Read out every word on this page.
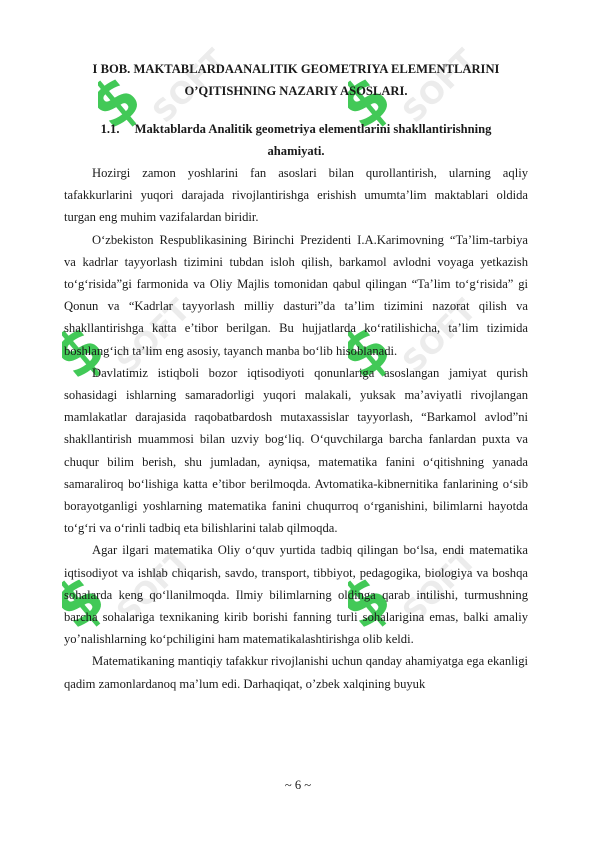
SOFT
$	SOFT
$
SOFT
$	SOFT
$
SOFT
$	SOFT
$

I BOB. MAKTABLARDAANALITIK GEOMETRIYA ELEMENTLARINI

O’QITISHNING NAZARIY ASOSLARI.

1.1. Maktablarda Analitik geometriya elementlarini shakllantirishning
ahamiyati.

Hozirgi zamon yoshlarini fan asoslari bilan qurollantirish, ularning aqliy tafakkurlarini yuqori darajada rivojlantirishga erishish umumta’lim maktablari oldida turgan eng muhim vazifalardan biridir.

O‘zbekiston Respublikasining Birinchi Prezidenti I.A.Karimovning “Ta’lim-tarbiya va kadrlar tayyorlash tizimini tubdan isloh qilish, barkamol avlodni voyaga yetkazish to‘g‘risida”gi farmonida va Oliy Majlis tomonidan qabul qilingan “Ta’lim to‘g‘risida” gi Qonun va “Kadrlar tayyorlash milliy dasturi”da ta’lim tizimini nazorat qilish va shakllantirishga katta e’tibor berilgan. Bu hujjatlarda ko‘ratilishicha, ta’lim tizimida boshlang‘ich ta’lim eng asosiy, tayanch manba bo‘lib hisoblanadi.

Davlatimiz istiqboli bozor iqtisodiyoti qonunlariga asoslangan jamiyat qurish sohasidagi ishlarning samaradorligi yuqori malakali, yuksak ma’aviyatli rivojlangan mamlakatlar darajasida raqobatbardosh mutaxassislar tayyorlash, “Barkamol avlod”ni shakllantirish muammosi bilan uzviy bog‘liq. O‘quvchilarga barcha fanlardan puxta va chuqur bilim berish, shu jumladan, ayniqsa, matematika fanini o‘qitishning yanada samaraliroq bo‘lishiga katta e’tibor berilmoqda. Avtomatika-kibnernitika fanlarining o‘sib borayotganligi yoshlarning matematika fanini chuqurroq o‘rganishini, bilimlarni hayotda to‘g‘ri va o‘rinli tadbiq eta bilishlarini talab qilmoqda.

Agar ilgari matematika Oliy o‘quv yurtida tadbiq qilingan bo‘lsa, endi matematika iqtisodiyot va ishlab chiqarish, savdo, transport, tibbiyot, pedagogika, biologiya va boshqa sohalarda keng qo‘llanilmoqda. Ilmiy bilimlarning oldinga qarab intilishi, turmushning barcha sohalariga texnikaning kirib borishi fanning turli sohalarigina emas, balki amaliy yo’nalishlarning ko‘pchiligini ham matematikalashtirishga olib keldi.

Matematikaning mantiqiy tafakkur rivojlanishi uchun qanday ahamiyatga ega ekanligi qadim zamonlardanoq ma’lum edi. Darhaqiqat, o’zbek xalqining buyuk

~ 6 ~
